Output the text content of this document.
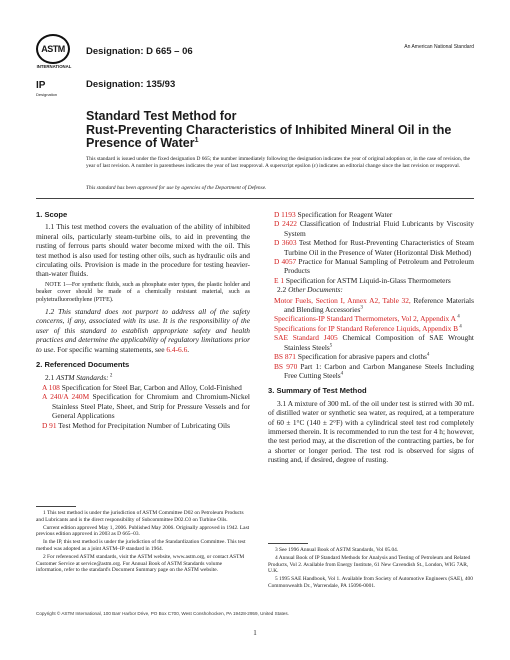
ASTM
INTERNATIONAL
IP
Designation
Designation: D 665 – 06
Designation: 135/93
An American National Standard
Standard Test Method for
Rust-Preventing Characteristics of Inhibited Mineral Oil in the Presence of Water$^1$
This standard is issued under the fixed designation D 665; the number immediately following the designation indicates the year of original adoption or, in the case of revision, the year of last revision. A number in parentheses indicates the year of last reapproval. A superscript epsilon (ε) indicates an editorial change since the last revision or reapproval.
This standard has been approved for use by agencies of the Department of Defense.
1. Scope

1.1 This test method covers the evaluation of the ability of inhibited mineral oils, particularly steam-turbine oils, to aid in preventing the rusting of ferrous parts should water become mixed with the oil. This test method is also used for testing other oils, such as hydraulic oils and circulating oils. Provision is made in the procedure for testing heavier-than-water fluids.

NOTE 1—For synthetic fluids, such as phosphate ester types, the plastic holder and beaker cover should be made of a chemically resistant material, such as polytetrafluoroethylene (PTFE).

1.2 This standard does not purport to address all of the safety concerns, if any, associated with its use. It is the responsibility of the user of this standard to establish appropriate safety and health practices and determine the applicability of regulatory limitations prior to use. For specific warning statements, see 6.4-6.6.

2. Referenced Documents
2.1 ASTM Standards: $^2$
A 108 Specification for Steel Bar, Carbon and Alloy, Cold-Finished
A 240/A 240M Specification for Chromium and Chromium-Nickel Stainless Steel Plate, Sheet, and Strip for Pressure Vessels and for General Applications
D 91 Test Method for Precipitation Number of Lubricating Oils
D 1193 Specification for Reagent Water
D 2422 Classification of Industrial Fluid Lubricants by Viscosity System
D 3603 Test Method for Rust-Preventing Characteristics of Steam Turbine Oil in the Presence of Water (Horizontal Disk Method)
D 4057 Practice for Manual Sampling of Petroleum and Petroleum Products
E 1 Specification for ASTM Liquid-in-Glass Thermometers
2.2 Other Documents:
Motor Fuels, Section I, Annex A2, Table 32, Reference Materials and Blending Accessories$^3$
Specifications-IP Standard Thermometers, Vol 2, Appendix A $^4$
Specifications for IP Standard Reference Liquids, Appendix B $^4$
SAE Standard J405 Chemical Composition of SAE Wrought Stainless Steels$^5$
BS 871 Specification for abrasive papers and cloths$^4$
BS 970 Part 1: Carbon and Carbon Manganese Steels Including Free Cutting Steels$^4$
3. Summary of Test Method

3.1 A mixture of 300 mL of the oil under test is stirred with 30 mL of distilled water or synthetic sea water, as required, at a temperature of 60 ± 1°C (140 ± 2°F) with a cylindrical steel test rod completely immersed therein. It is recommended to run the test for 4 h; however, the test period may, at the discretion of the contracting parties, be for a shorter or longer period. The test rod is observed for signs of rusting and, if desired, degree of rusting.

1 This test method is under the jurisdiction of ASTM Committee D02 on Petroleum Products and Lubricants and is the direct responsibility of Subcommittee D02.C0 on Turbine Oils.

Current edition approved May 1, 2006. Published May 2006. Originally approved in 1942. Last previous edition approved in 2003 as D 665–03.

In the IP, this test method is under the jurisdiction of the Standardization Committee. This test method was adopted as a joint ASTM–IP standard in 1964.

2 For referenced ASTM standards, visit the ASTM website, www.astm.org, or contact ASTM Customer Service at service@astm.org. For Annual Book of ASTM Standards volume information, refer to the standard's Document Summary page on the ASTM website.

3 See 1996 Annual Book of ASTM Standards, Vol 05.04.

4 Annual Book of IP Standard Methods for Analysis and Testing of Petroleum and Related Products, Vol 2. Available from Energy Institute, 61 New Cavendish St., London, WIG 7AR, U.K.

5 1995 SAE Handbook, Vol 1. Available from Society of Automotive Engineers (SAE), 400 Commonwealth Dr., Warrendale, PA 15096-0001.

Copyright © ASTM International, 100 Barr Harbor Drive, PO Box C700, West Conshohocken, PA 19428-2959, United States.
1
